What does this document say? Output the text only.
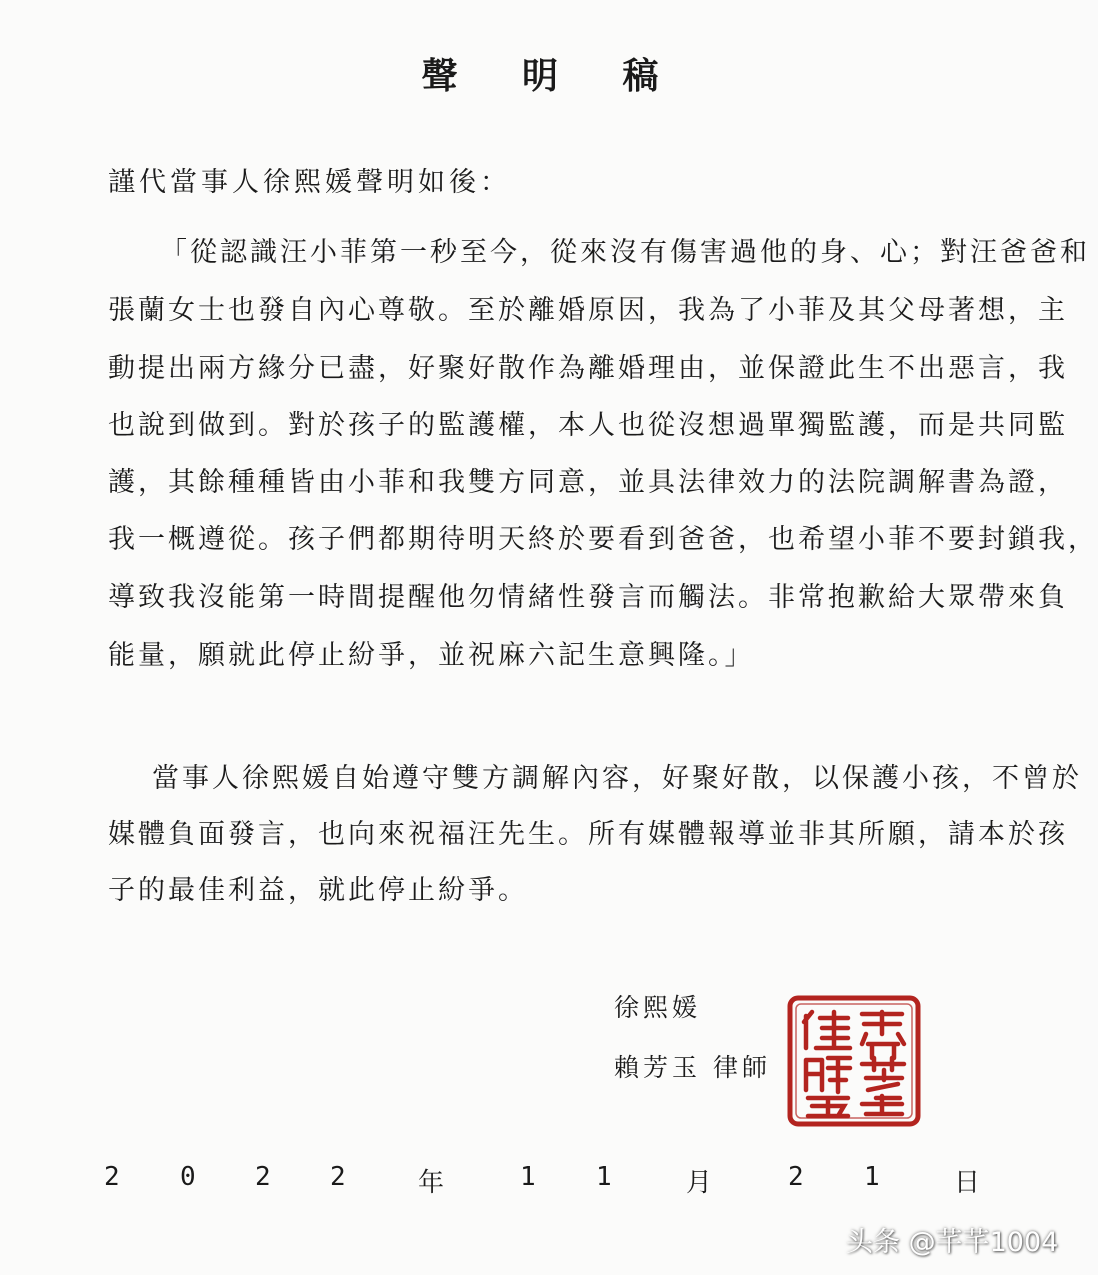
聲 明 稿
謹代當事人徐熙媛聲明如後：
「從認識汪小菲第一秒至今，從來沒有傷害過他的身、心；對汪爸爸和
張蘭女士也發自內心尊敬。至於離婚原因，我為了小菲及其父母著想，主
動提出兩方緣分已盡，好聚好散作為離婚理由，並保證此生不出惡言，我
也說到做到。對於孩子的監護權，本人也從沒想過單獨監護，而是共同監
護，其餘種種皆由小菲和我雙方同意，並具法律效力的法院調解書為證，
我一概遵從。孩子們都期待明天終於要看到爸爸，也希望小菲不要封鎖我，
導致我沒能第一時間提醒他勿情緒性發言而觸法。非常抱歉給大眾帶來負
能量，願就此停止紛爭，並祝麻六記生意興隆。」
當事人徐熙媛自始遵守雙方調解內容，好聚好散，以保護小孩，不曾於
媒體負面發言，也向來祝福汪先生。所有媒體報導並非其所願，請本於孩
子的最佳利益，就此停止紛爭。
徐熙媛
賴芳玉 律師
賴芳玉律師印
2 0 2 2	年	1 1	月	2 1	日
头条 @芊芊1004
